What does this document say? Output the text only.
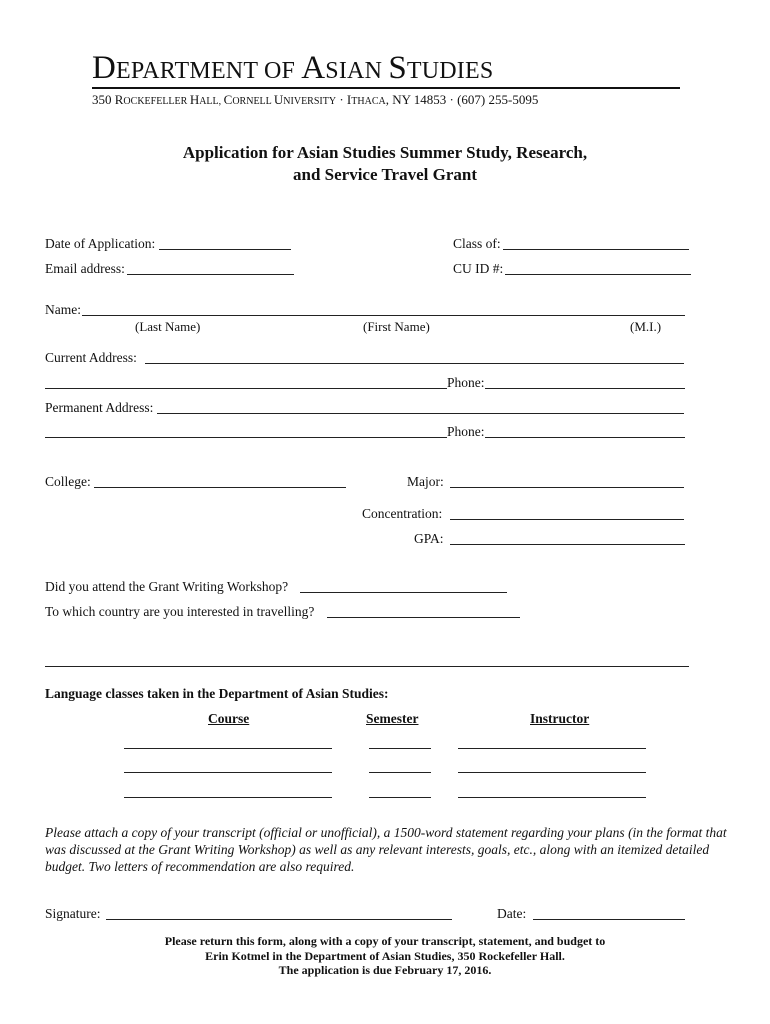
DEPARTMENT OF ASIAN STUDIES
350 ROCKEFELLER HALL, CORNELL UNIVERSITY · ITHACA, NY 14853 · (607) 255-5095
Application for Asian Studies Summer Study, Research,
and Service Travel Grant
Date of Application:	Class of:
Email address:	CU ID #:
Name:
(Last Name)	(First Name)	(M.I.)
Current Address:
Phone:
Permanent Address:
Phone:
College:	Major:
Concentration:
GPA:
Did you attend the Grant Writing Workshop?
To which country are you interested in travelling?
Language classes taken in the Department of Asian Studies:
Course	Semester	Instructor
Please attach a copy of your transcript (official or unofficial), a 1500-word statement regarding your plans (in the format that was discussed at the Grant Writing Workshop) as well as any relevant interests, goals, etc., along with an itemized detailed budget. Two letters of recommendation are also required.
Signature:	Date:
Please return this form, along with a copy of your transcript, statement, and budget to
Erin Kotmel in the Department of Asian Studies, 350 Rockefeller Hall.
The application is due February 17, 2016.
